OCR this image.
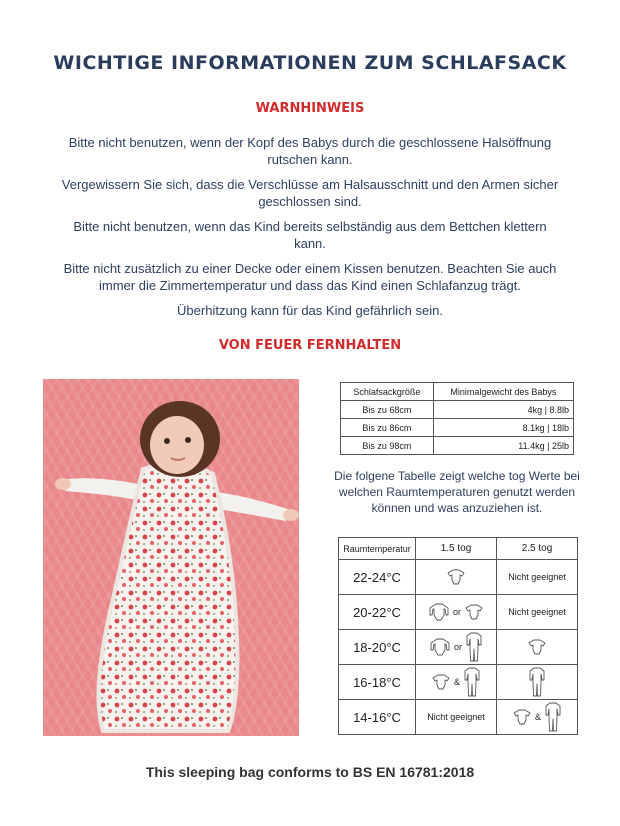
WICHTIGE INFORMATIONEN ZUM SCHLAFSACK
WARNHINWEIS

Bitte nicht benutzen, wenn der Kopf des Babys durch die geschlossene Halsöffnung rutschen kann.

Vergewissern Sie sich, dass die Verschlüsse am Halsausschnitt und den Armen sicher geschlossen sind.

Bitte nicht benutzen, wenn das Kind bereits selbständig aus dem Bettchen klettern kann.

Bitte nicht zusätzlich zu einer Decke oder einem Kissen benutzen. Beachten Sie auch immer die Zimmertemperatur und dass das Kind einen Schlafanzug trägt.

Überhitzung kann für das Kind gefährlich sein.

VON FEUER FERNHALTEN
Schlafsackgröße	Minimalgewicht des Babys
Bis zu 68cm	4kg | 8.8lb
Bis zu 86cm	8.1kg | 18lb
Bis zu 98cm	11.4kg | 25lb
Die folgene Tabelle zeigt welche tog Werte bei welchen Raumtemperaturen genutzt werden können und was anzuziehen ist.
Raumtemperatur	1.5 tog	2.5 tog
22-24°C		Nicht geeignet

20-22°C	or	Nicht geeignet

18-20°C	or

16-18°C	&

14-16°C	Nicht geeignet	&
This sleeping bag conforms to BS EN 16781:2018
